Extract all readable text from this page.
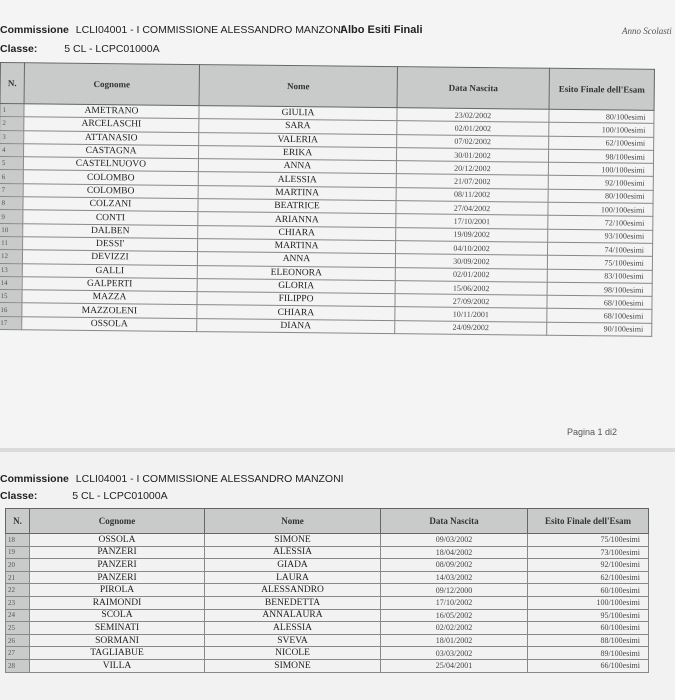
Commissione LCLI04001 - I COMMISSIONE ALESSANDRO MANZONI
Classe:	5 CL - LCPC01000A
Albo Esiti Finali	Anno Scolasti
N.	Cognome	Nome	Data Nascita	Esito Finale dell'Esam
1	AMETRANO	GIULIA	23/02/2002	80/100esimi
2	ARCELASCHI	SARA	02/01/2002	100/100esimi
3	ATTANASIO	VALERIA	07/02/2002	62/100esimi
4	CASTAGNA	ERIKA	30/01/2002	98/100esimi
5	CASTELNUOVO	ANNA	20/12/2002	100/100esimi
6	COLOMBO	ALESSIA	21/07/2002	92/100esimi
7	COLOMBO	MARTINA	08/11/2002	80/100esimi
8	COLZANI	BEATRICE	27/04/2002	100/100esimi
9	CONTI	ARIANNA	17/10/2001	72/100esimi
10	DALBEN	CHIARA	19/09/2002	93/100esimi
11	DESSI'	MARTINA	04/10/2002	74/100esimi
12	DEVIZZI	ANNA	30/09/2002	75/100esimi
13	GALLI	ELEONORA	02/01/2002	83/100esimi
14	GALPERTI	GLORIA	15/06/2002	98/100esimi
15	MAZZA	FILIPPO	27/09/2002	68/100esimi
16	MAZZOLENI	CHIARA	10/11/2001	68/100esimi
17	OSSOLA	DIANA	24/09/2002	90/100esimi
Pagina 1 di2
Commissione LCLI04001 - I COMMISSIONE ALESSANDRO MANZONI
Classe:	5 CL - LCPC01000A
N.	Cognome	Nome	Data Nascita	Esito Finale dell'Esam
18	OSSOLA	SIMONE	09/03/2002	75/100esimi
19	PANZERI	ALESSIA	18/04/2002	73/100esimi
20	PANZERI	GIADA	08/09/2002	92/100esimi
21	PANZERI	LAURA	14/03/2002	62/100esimi
22	PIROLA	ALESSANDRO	09/12/2000	60/100esimi
23	RAIMONDI	BENEDETTA	17/10/2002	100/100esimi
24	SCOLA	ANNALAURA	16/05/2002	95/100esimi
25	SEMINATI	ALESSIA	02/02/2002	60/100esimi
26	SORMANI	SVEVA	18/01/2002	88/100esimi
27	TAGLIABUE	NICOLE	03/03/2002	89/100esimi
28	VILLA	SIMONE	25/04/2001	66/100esimi
